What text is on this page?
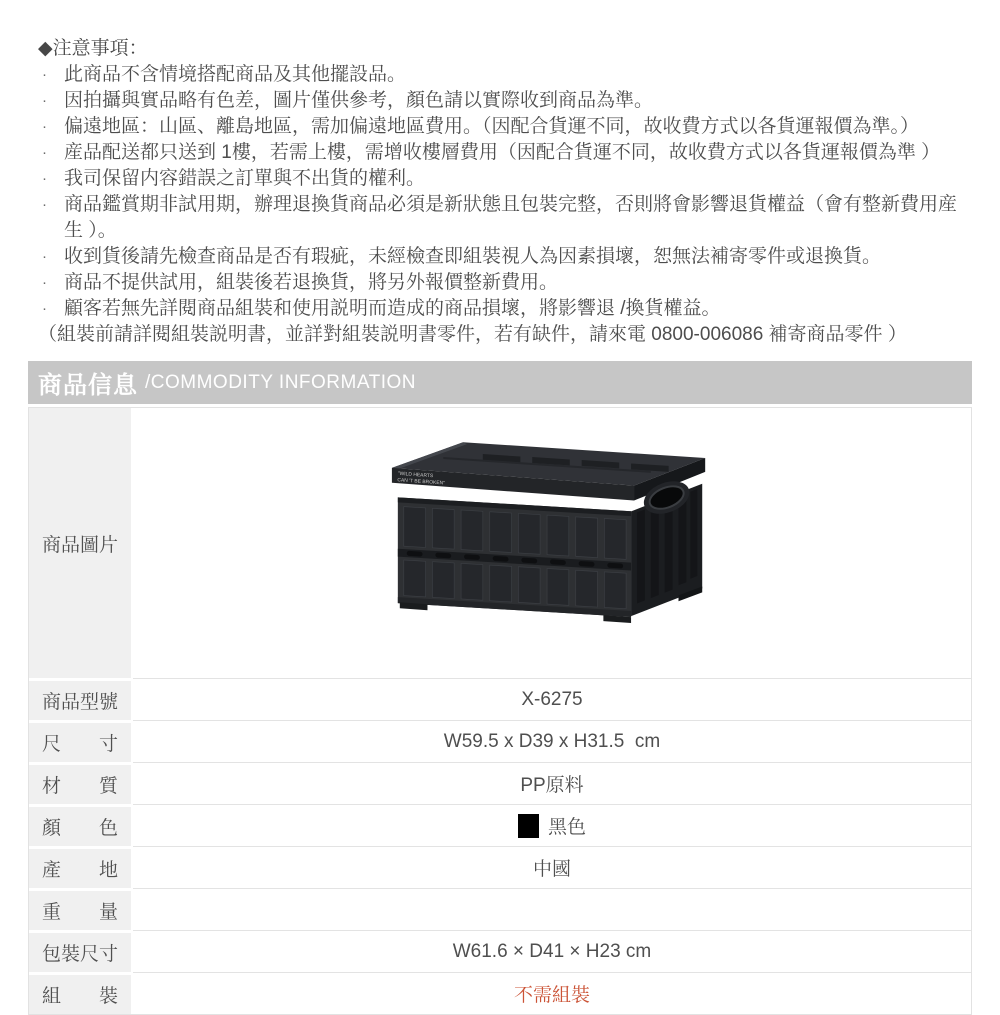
◆注意事項：
· 此商品不含情境搭配商品及其他擺設品。
· 因拍攝與實品略有色差，圖片僅供參考，顏色請以實際收到商品為準。
· 偏遠地區：山區、離島地區，需加偏遠地區費用。（因配合貨運不同，故收費方式以各貨運報價為準。）
· 産品配送都只送到 1樓，若需上樓，需增收樓層費用（因配合貨運不同，故收費方式以各貨運報價為準 ）
· 我司保留内容錯誤之訂單與不出貨的權利。
· 商品鑑賞期非試用期，辦理退換貨商品必須是新狀態且包裝完整，否則將會影響退貨權益（會有整新費用産生 ）。
· 收到貨後請先檢查商品是否有瑕疵，未經檢查即組裝視人為因素損壞，恕無法補寄零件或退換貨。
· 商品不提供試用，組裝後若退換貨，將另外報價整新費用。
· 顧客若無先詳閱商品組裝和使用説明而造成的商品損壞，將影響退 /換貨權益。
（組裝前請詳閱組裝説明書，並詳對組裝説明書零件，若有缺件，請來電 0800-006086 補寄商品零件 ）
商品信息 /COMMODITY INFORMATION
商品圖片
"WILD HEARTS
CAN 'T BE BROKEN"
商品型號	X-6275
尺寸	W59.5 x D39 x H31.5  cm
材質	PP原料
顏色	黑色
產地	中國
重量
包裝尺寸	W61.6 × D41 × H23 cm
組裝	不需組裝
